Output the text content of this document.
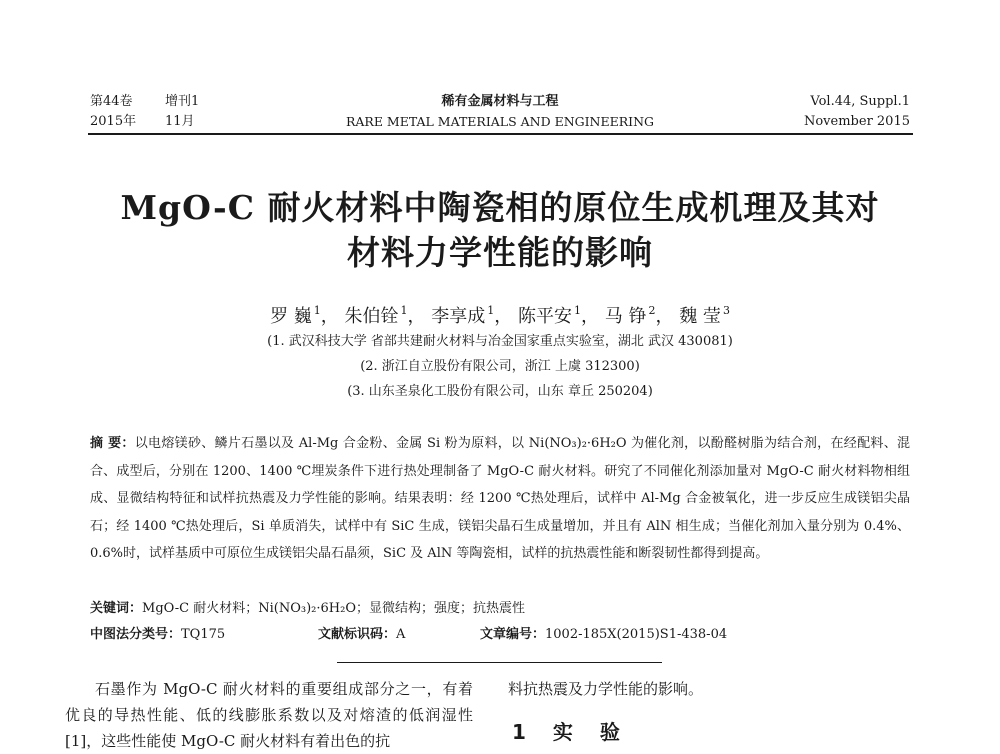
第44卷 增刊1
2015年 11月
稀有金属材料与工程
RARE METAL MATERIALS AND ENGINEERING
Vol.44, Suppl.1
November 2015
MgO-C 耐火材料中陶瓷相的原位生成机理及其对
材料力学性能的影响
罗 巍 $^1$， 朱伯铨 $^1$， 李享成 $^1$， 陈平安 $^1$， 马 铮 $^2$， 魏 莹 $^3$
(1. 武汉科技大学 省部共建耐火材料与冶金国家重点实验室，湖北 武汉 430081)
(2. 浙江自立股份有限公司，浙江 上虞 312300)
(3. 山东圣泉化工股份有限公司，山东 章丘 250204)
摘 要：以电熔镁砂、鳞片石墨以及 Al-Mg 合金粉、金属 Si 粉为原料，以 Ni(NO₃)₂·6H₂O 为催化剂，以酚醛树脂为结合剂，在经配料、混合、成型后，分别在 1200、1400 ℃埋炭条件下进行热处理制备了 MgO-C 耐火材料。研究了不同催化剂添加量对 MgO-C 耐火材料物相组成、显微结构特征和试样抗热震及力学性能的影响。结果表明：经 1200 ℃热处理后，试样中 Al-Mg 合金被氧化，进一步反应生成镁铝尖晶石；经 1400 ℃热处理后，Si 单质消失，试样中有 SiC 生成，镁铝尖晶石生成量增加，并且有 AlN 相生成；当催化剂加入量分别为 0.4%、0.6%时，试样基质中可原位生成镁铝尖晶石晶须，SiC 及 AlN 等陶瓷相，试样的抗热震性能和断裂韧性都得到提高。
关键词：MgO-C 耐火材料；Ni(NO₃)₂·6H₂O；显微结构；强度；抗热震性
中图法分类号：TQ175	文献标识码：A	文章编号：1002-185X(2015)S1-438-04
石墨作为 MgO-C 耐火材料的重要组成部分之一，有着优良的导热性能、低的线膨胀系数以及对熔渣的低润湿性[1]，这些性能使 MgO-C 耐火材料有着出色的抗
料抗热震及力学性能的影响。
1 实 验
